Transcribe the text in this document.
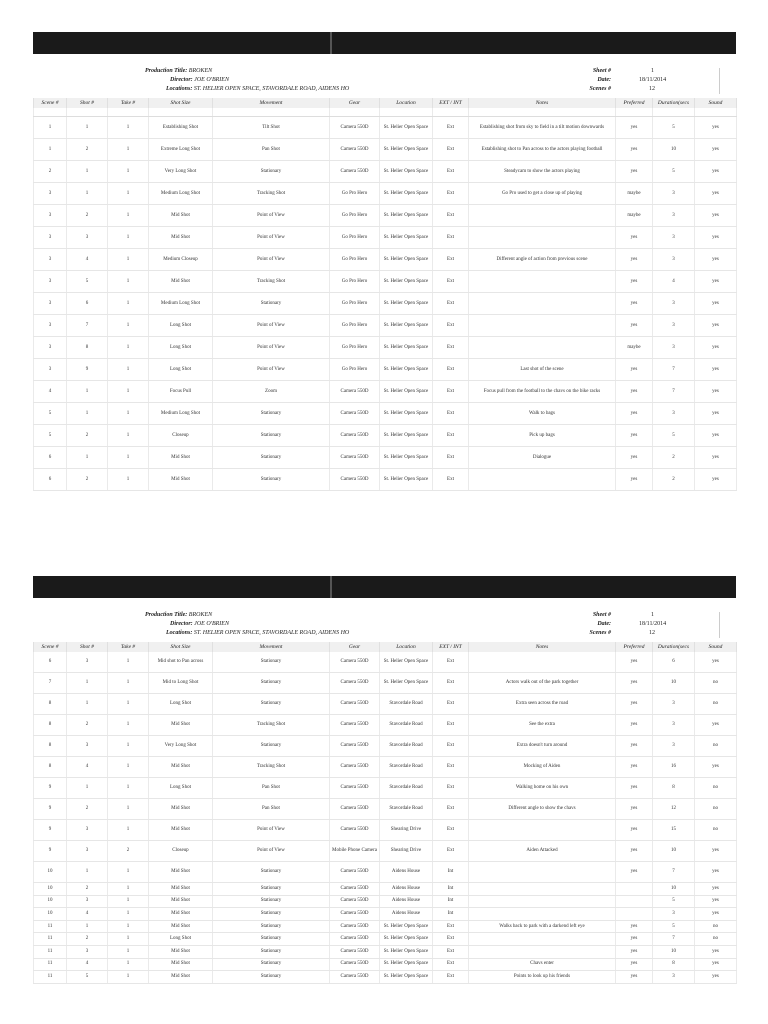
Production Title: BROKEN
Director: JOE O'BRIEN
Locations: ST. HELIER OPEN SPACE, STAVORDALE ROAD, AIDENS HO
Sheet #	1
Date:	18/11/2014
Scenes #	12
Scene #	Shot #	Take #	Shot Size	Movement	Gear	Location	EXT / INT	Notes	Preferred	Duration(secs	Sound

1	1	1	Establishing Shot	Tilt Shot	Camera 550D	St. Helier Open Space	Ext	Establishing shot from sky to field in a tilt motion downwards	yes	5	yes
1	2	1	Extreme Long Shot	Pan Shot	Camera 550D	St. Helier Open Space	Ext	Establishing shot to Pan across to the actors playing football	yes	10	yes
2	1	1	Very Long Shot	Stationary	Camera 550D	St. Helier Open Space	Ext	Steadycam to show the actors playing	yes	5	yes
3	1	1	Medium Long Shot	Tracking Shot	Go Pro Hero	St. Helier Open Space	Ext	Go Pro used to get a close up of playing	maybe	3	yes
3	2	1	Mid Shot	Point of View	Go Pro Hero	St. Helier Open Space	Ext		maybe	3	yes
3	3	1	Mid Shot	Point of View	Go Pro Hero	St. Helier Open Space	Ext		yes	3	yes
3	4	1	Medium Closeup	Point of View	Go Pro Hero	St. Helier Open Space	Ext	Different angle of action from previous scene	yes	3	yes
3	5	1	Mid Shot	Tracking Shot	Go Pro Hero	St. Helier Open Space	Ext		yes	4	yes
3	6	1	Medium Long Shot	Stationary	Go Pro Hero	St. Helier Open Space	Ext		yes	3	yes
3	7	1	Long Shot	Point of View	Go Pro Hero	St. Helier Open Space	Ext		yes	3	yes
3	8	1	Long Shot	Point of View	Go Pro Hero	St. Helier Open Space	Ext		maybe	3	yes
3	9	1	Long Shot	Point of View	Go Pro Hero	St. Helier Open Space	Ext	Last shot of the scene	yes	7	yes
4	1	1	Focus Pull	Zoom	Camera 550D	St. Helier Open Space	Ext	Focus pull from the football to the chavs on the bike racks	yes	7	yes
5	1	1	Medium Long Shot	Stationary	Camera 550D	St. Helier Open Space	Ext	Walk to bags	yes	3	yes
5	2	1	Closeup	Stationary	Camera 550D	St. Helier Open Space	Ext	Pick up bags	yes	5	yes
6	1	1	Mid Shot	Stationary	Camera 550D	St. Helier Open Space	Ext	Dialogue	yes	2	yes
6	2	1	Mid Shot	Stationary	Camera 550D	St. Helier Open Space	Ext		yes	2	yes
Production Title: BROKEN
Director: JOE O'BRIEN
Locations: ST. HELIER OPEN SPACE, STAVORDALE ROAD, AIDENS HO
Sheet #	1
Date:	18/11/2014
Scenes #	12
Scene #	Shot #	Take #	Shot Size	Movement	Gear	Location	EXT / INT	Notes	Preferred	Duration(secs	Sound
6	3	1	Mid shot to Pan across	Stationary	Camera 550D	St. Helier Open Space	Ext		yes	6	yes
7	1	1	Mid to Long Shot	Stationary	Camera 550D	St. Helier Open Space	Ext	Actors walk out of the park together	yes	10	no
8	1	1	Long Shot	Stationary	Camera 550D	Stavordale Road	Ext	Extra seen across the road	yes	3	no
8	2	1	Mid Shot	Tracking Shot	Camera 550D	Stavordale Road	Ext	See the extra	yes	3	yes
8	3	1	Very Long Shot	Stationary	Camera 550D	Stavordale Road	Ext	Extra doesn't turn around	yes	3	no
8	4	1	Mid Shot	Tracking Shot	Camera 550D	Stavordale Road	Ext	Mocking of Aiden	yes	16	yes
9	1	1	Long Shot	Pan Shot	Camera 550D	Stavordale Road	Ext	Walking home on his own	yes	8	no
9	2	1	Mid Shot	Pan Shot	Camera 550D	Stavordale Road	Ext	Different angle to show the chavs	yes	12	no
9	3	1	Mid Shot	Point of View	Camera 550D	Shearing Drive	Ext		yes	15	no
9	3	2	Closeup	Point of View	Mobile Phone Camera	Shearing Drive	Ext	Aiden Attacked	yes	10	yes
10	1	1	Mid Shot	Stationary	Camera 550D	Aidens House	Int		yes	7	yes
10	2	1	Mid Shot	Stationary	Camera 550D	Aidens House	Int			10	yes
10	3	1	Mid Shot	Stationary	Camera 550D	Aidens House	Int			5	yes
10	4	1	Mid Shot	Stationary	Camera 550D	Aidens House	Int			3	yes
11	1	1	Mid Shot	Stationary	Camera 550D	St. Helier Open Space	Ext	Walks back to park with a darkend left eye	yes	5	no
11	2	1	Long Shot	Stationary	Camera 550D	St. Helier Open Space	Ext		yes	7	no
11	3	1	Mid Shot	Stationary	Camera 550D	St. Helier Open Space	Ext		yes	10	yes
11	4	1	Mid Shot	Stationary	Camera 550D	St. Helier Open Space	Ext	Chavs enter	yes	8	yes
11	5	1	Mid Shot	Stationary	Camera 550D	St. Helier Open Space	Ext	Points to look up his friends	yes	3	yes
